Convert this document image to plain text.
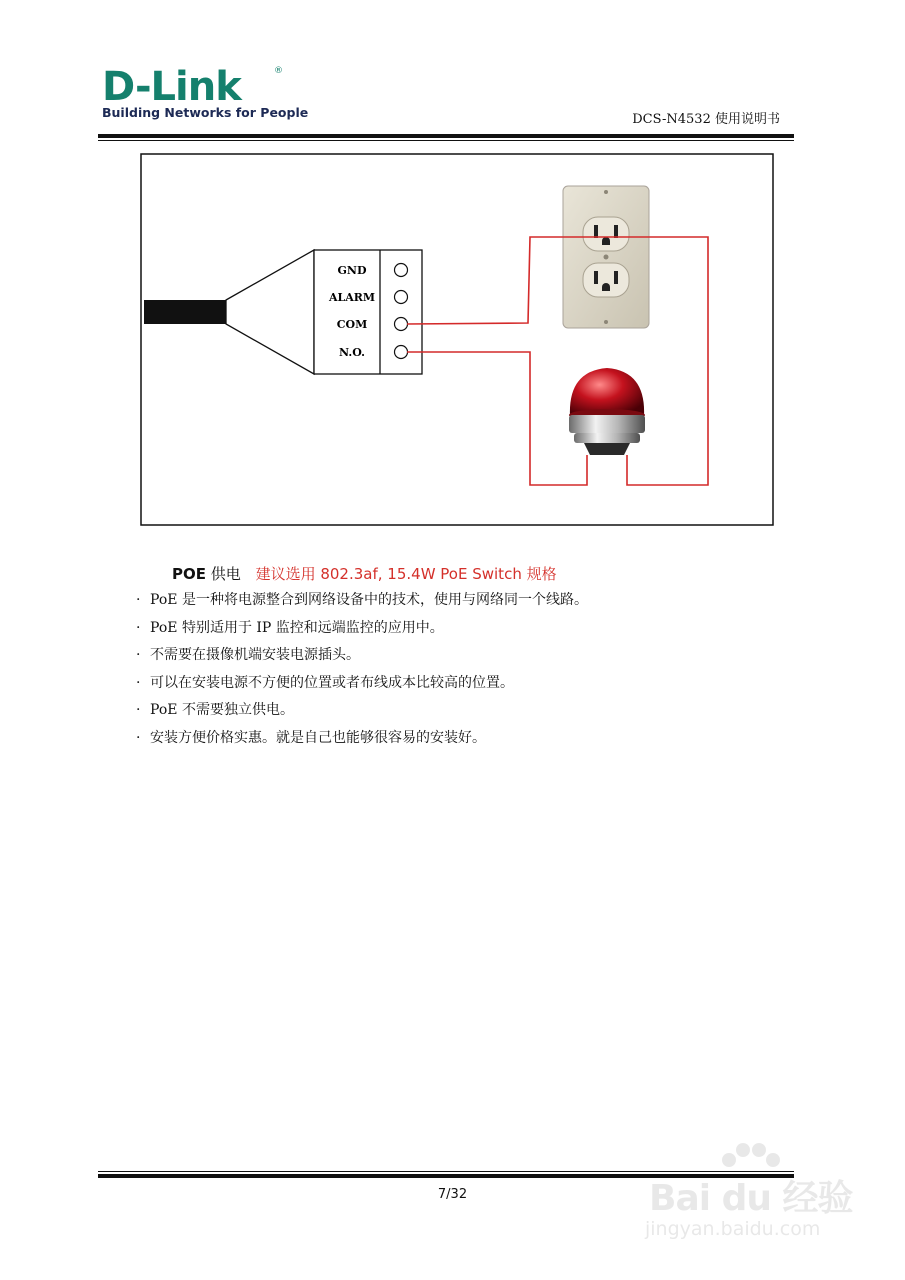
D-Link	®
Building Networks for People	DCS-N4532 使用说明书
GND
ALARM
COM
N.O.
POE 供电 建议选用 802.3af, 15.4W PoE Switch 规格
· PoE 是一种将电源整合到网络设备中的技术，使用与网络同一个线路。
· PoE 特别适用于 IP 监控和远端监控的应用中。
· 不需要在摄像机端安装电源插头。
· 可以在安装电源不方便的位置或者布线成本比较高的位置。
· PoE 不需要独立供电。
· 安装方便价格实惠。就是自己也能够很容易的安装好。
7/32	Bai du 经验
jingyan.baidu.com
